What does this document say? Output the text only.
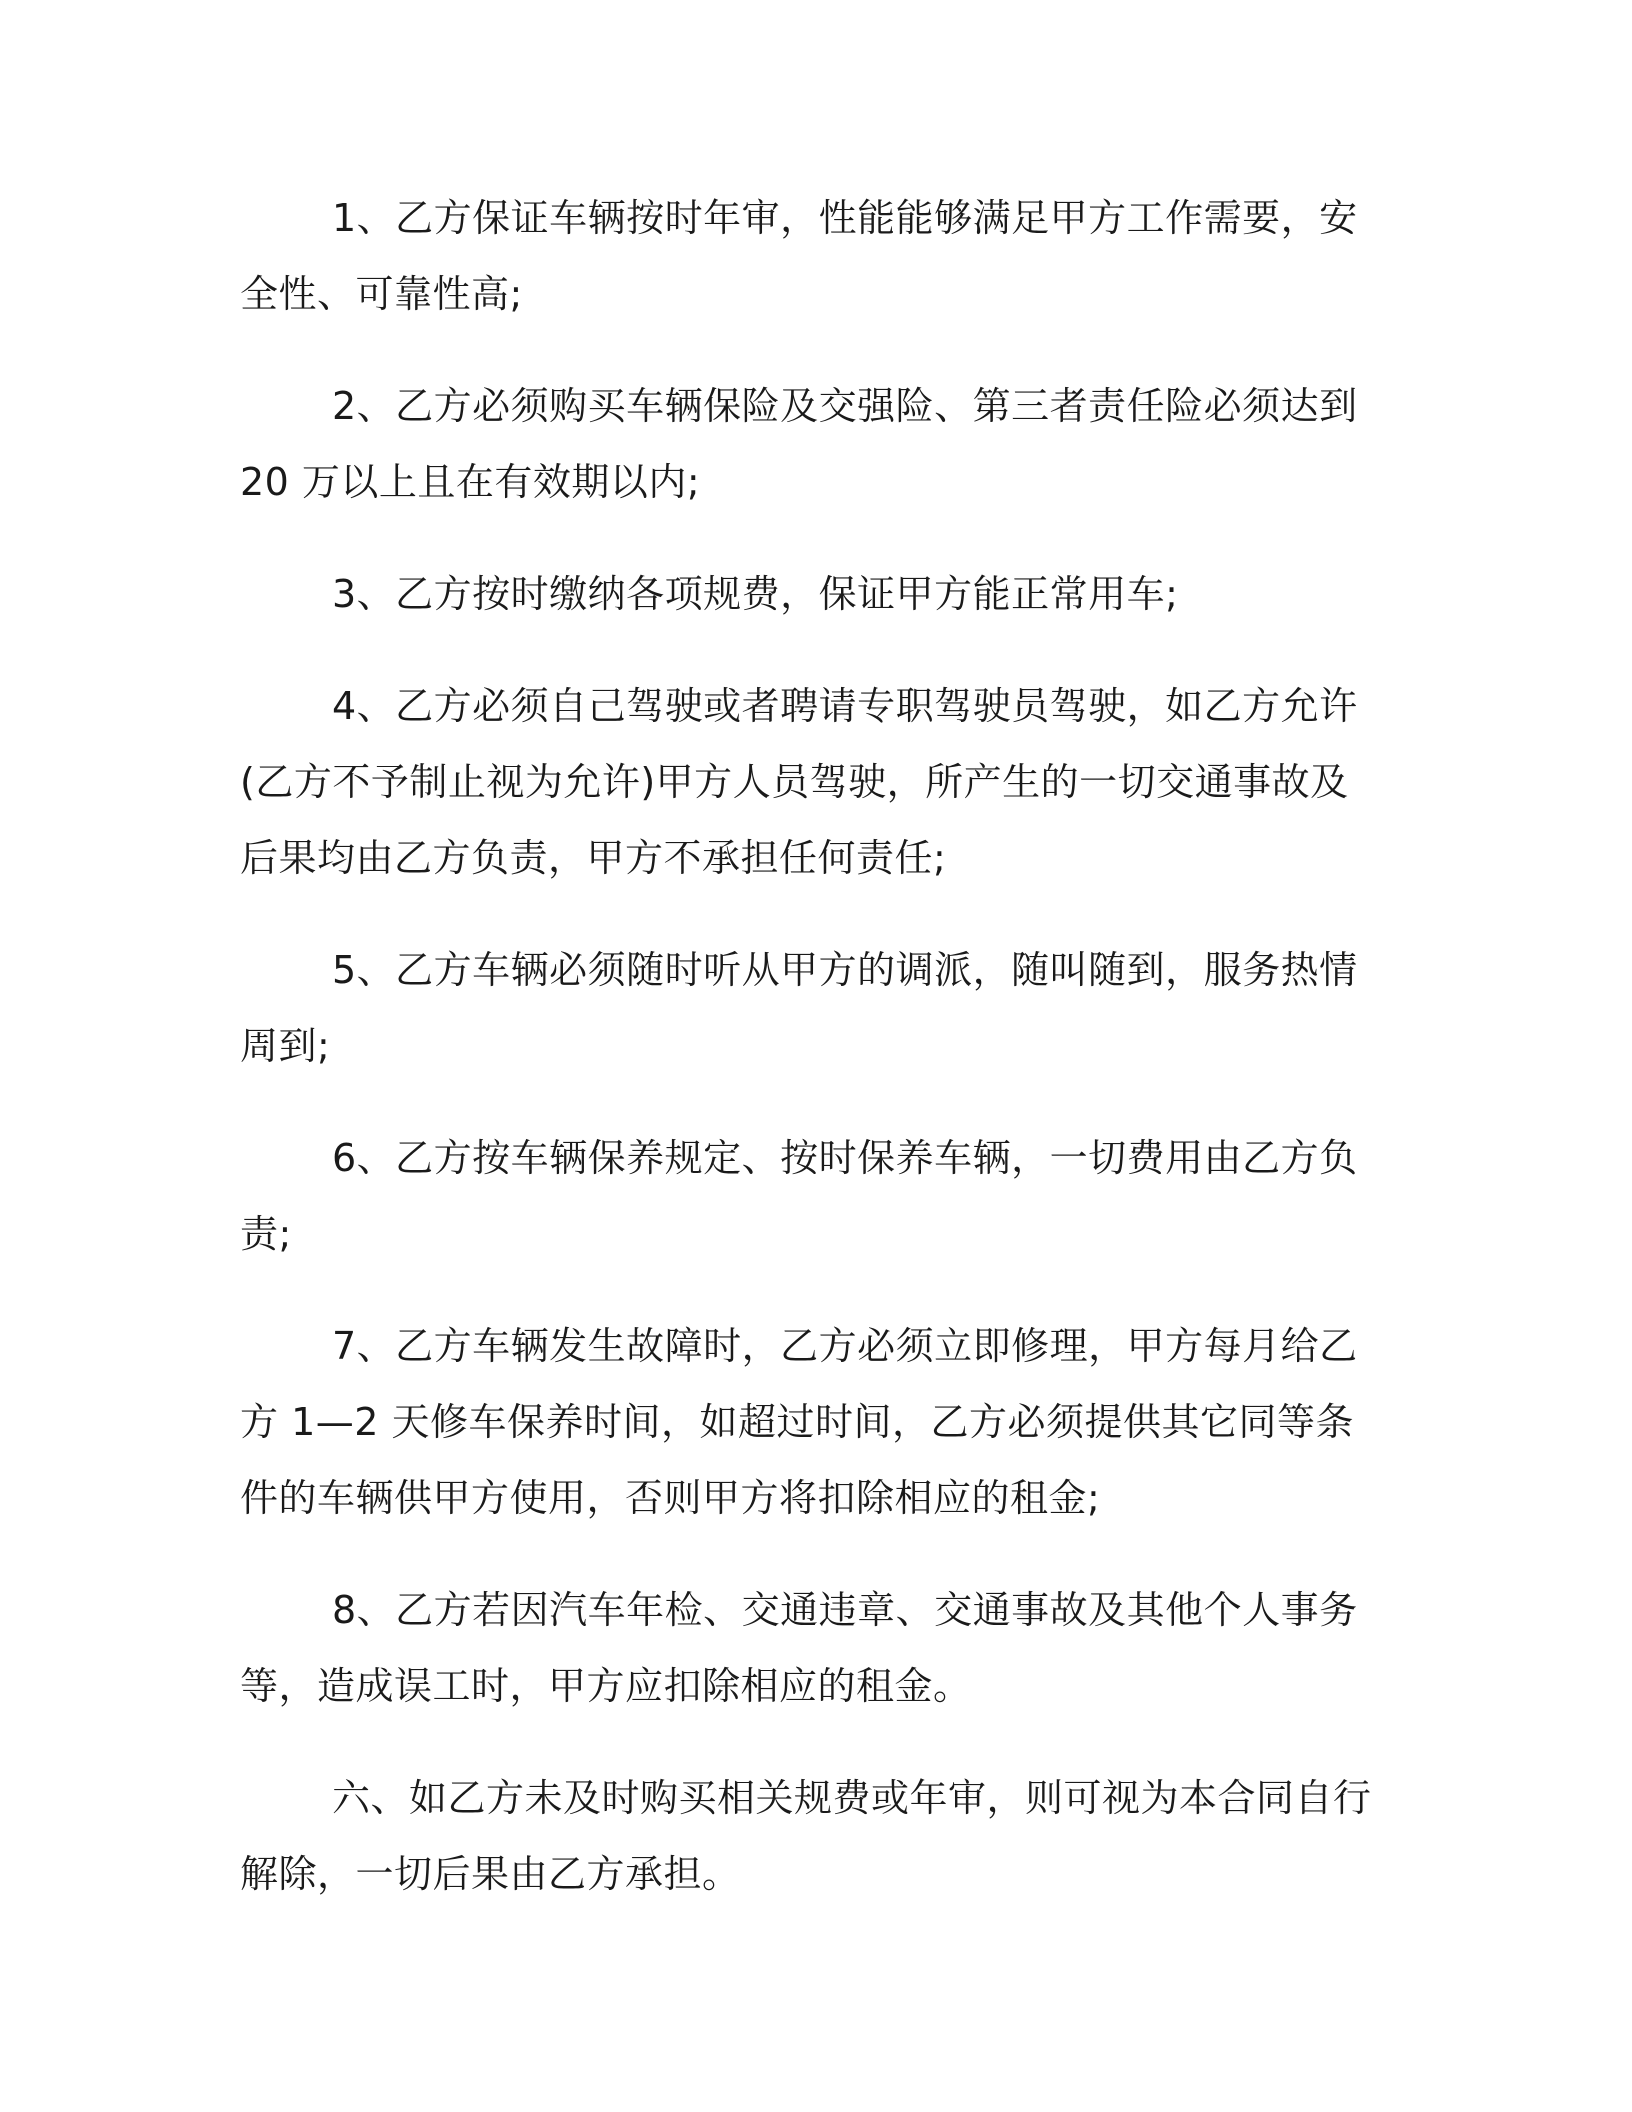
1、乙方保证车辆按时年审，性能能够满足甲方工作需要，安全性、可靠性高;

2、乙方必须购买车辆保险及交强险、第三者责任险必须达到 20 万以上且在有效期以内;

3、乙方按时缴纳各项规费，保证甲方能正常用车;

4、乙方必须自己驾驶或者聘请专职驾驶员驾驶，如乙方允许(乙方不予制止视为允许)甲方人员驾驶，所产生的一切交通事故及后果均由乙方负责，甲方不承担任何责任;

5、乙方车辆必须随时听从甲方的调派，随叫随到，服务热情周到;

6、乙方按车辆保养规定、按时保养车辆，一切费用由乙方负责;

7、乙方车辆发生故障时，乙方必须立即修理，甲方每月给乙方 1—2 天修车保养时间，如超过时间，乙方必须提供其它同等条件的车辆供甲方使用，否则甲方将扣除相应的租金;

8、乙方若因汽车年检、交通违章、交通事故及其他个人事务等，造成误工时，甲方应扣除相应的租金。

六、如乙方未及时购买相关规费或年审，则可视为本合同自行解除，一切后果由乙方承担。
